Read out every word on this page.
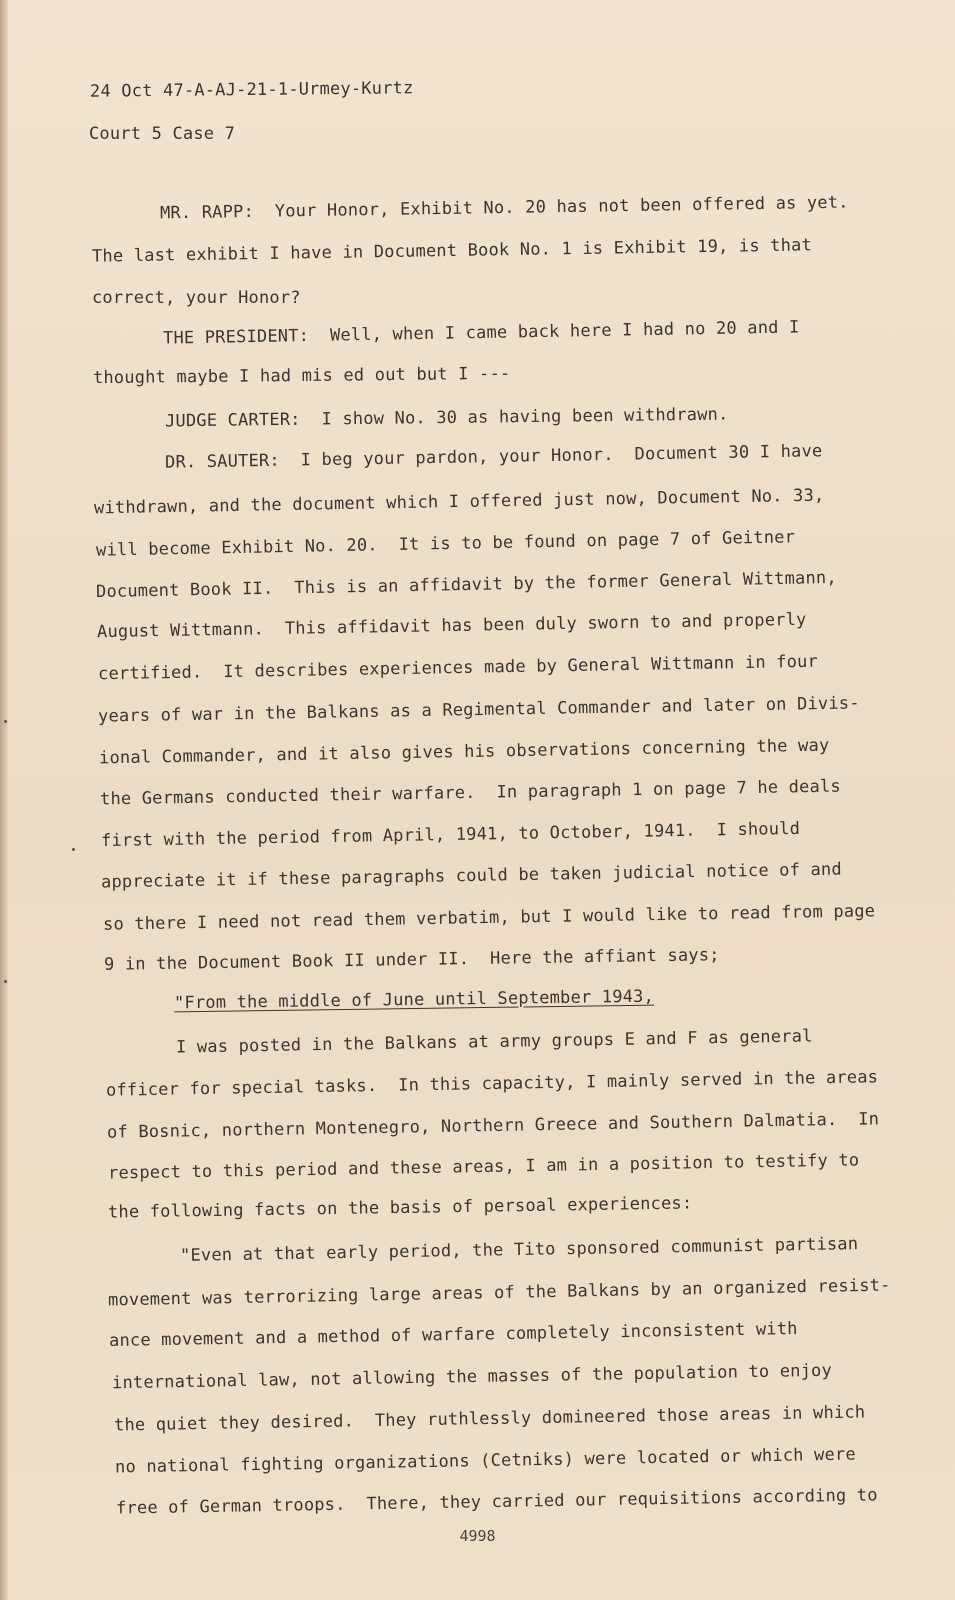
24 Oct 47-A-AJ-21-1-Urmey-Kurtz
Court 5 Case 7
MR. RAPP:  Your Honor, Exhibit No. 20 has not been offered as yet.
The last exhibit I have in Document Book No. 1 is Exhibit 19, is that
correct, your Honor?
THE PRESIDENT:  Well, when I came back here I had no 20 and I
thought maybe I had mis ed out but I ---
JUDGE CARTER:  I show No. 30 as having been withdrawn.
DR. SAUTER:  I beg your pardon, your Honor.  Document 30 I have
withdrawn, and the document which I offered just now, Document No. 33,
will become Exhibit No. 20.  It is to be found on page 7 of Geitner
Document Book II.  This is an affidavit by the former General Wittmann,
August Wittmann.  This affidavit has been duly sworn to and properly
certified.  It describes experiences made by General Wittmann in four
years of war in the Balkans as a Regimental Commander and later on Divis-
ional Commander, and it also gives his observations concerning the way
the Germans conducted their warfare.  In paragraph 1 on page 7 he deals
first with the period from April, 1941, to October, 1941.  I should
appreciate it if these paragraphs could be taken judicial notice of and
so there I need not read them verbatim, but I would like to read from page
9 in the Document Book II under II.  Here the affiant says;
"From the middle of June until September 1943,
I was posted in the Balkans at army groups E and F as general
officer for special tasks.  In this capacity, I mainly served in the areas
of Bosnic, northern Montenegro, Northern Greece and Southern Dalmatia.  In
respect to this period and these areas, I am in a position to testify to
the following facts on the basis of persoal experiences:
"Even at that early period, the Tito sponsored communist partisan
movement was terrorizing large areas of the Balkans by an organized resist-
ance movement and a method of warfare completely inconsistent with
international law, not allowing the masses of the population to enjoy
the quiet they desired.  They ruthlessly domineered those areas in which
no national fighting organizations (Cetniks) were located or which were
free of German troops.  There, they carried our requisitions according to
4998
